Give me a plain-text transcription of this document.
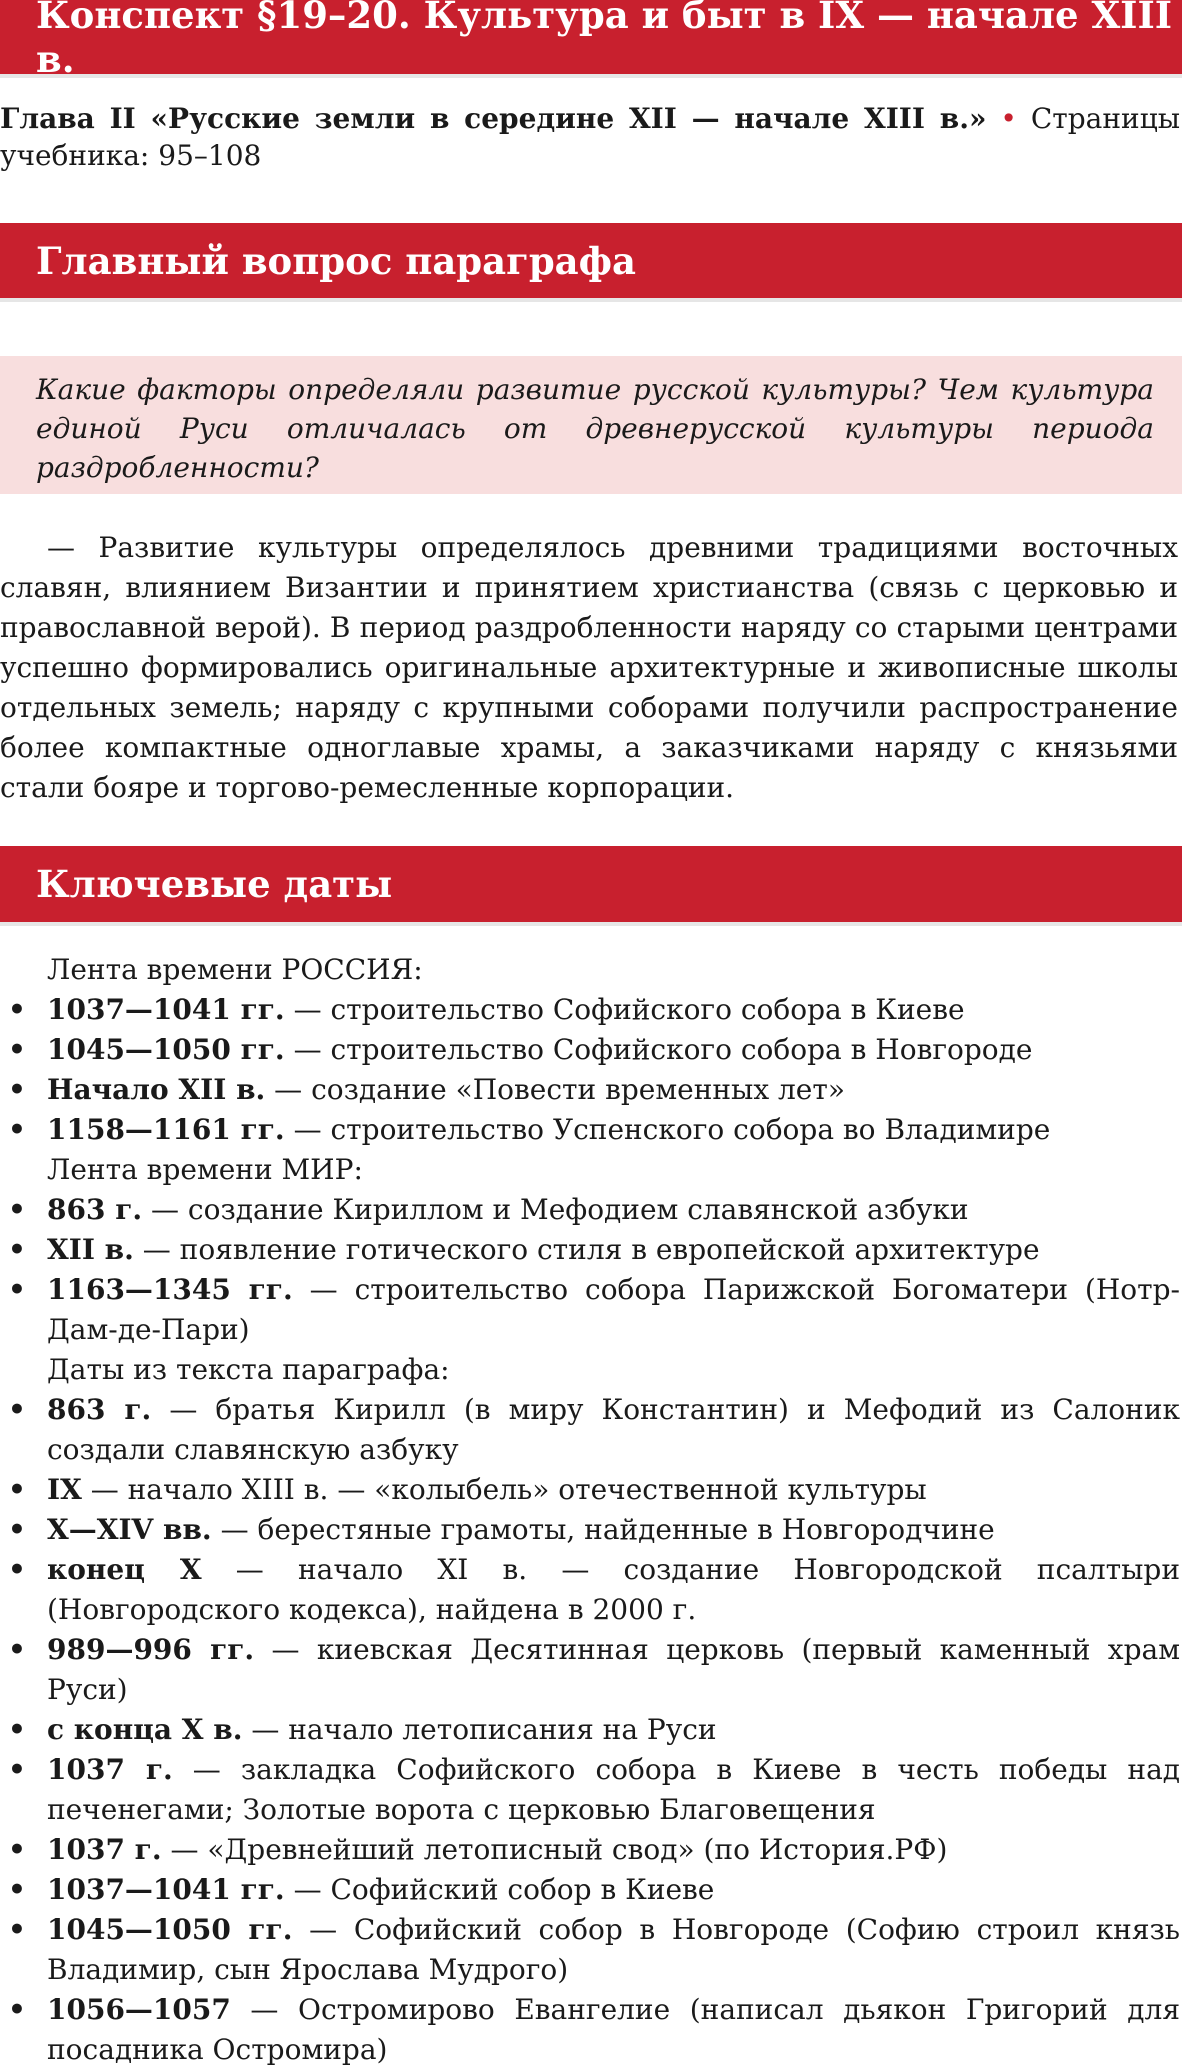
Конспект §19–20. Культура и быт в IX — начале XIII в.
Глава II «Русские земли в середине XII — начале XIII в.» • Страницы учебника: 95–108
Главный вопрос параграфа
Какие факторы определяли развитие русской культуры? Чем культура единой Руси отличалась от древнерусской культуры периода раздробленности?
— Развитие культуры определялось древними традициями восточных славян, влиянием Византии и принятием христианства (связь с церковью и православной верой). В период раздробленности наряду со старыми центрами успешно формировались оригинальные архитектурные и живописные школы отдельных земель; наряду с крупными соборами получили распространение более компактные одноглавые храмы, а заказчиками наряду с князьями стали бояре и торгово-ремесленные корпорации.
Ключевые даты
Лента времени РОССИЯ:
• 1037—1041 гг. — строительство Софийского собора в Киеве
• 1045—1050 гг. — строительство Софийского собора в Новгороде
• Начало XII в. — создание «Повести временных лет»
• 1158—1161 гг. — строительство Успенского собора во Владимире
Лента времени МИР:
• 863 г. — создание Кириллом и Мефодием славянской азбуки
• XII в. — появление готического стиля в европейской архитектуре
• 1163—1345 гг. — строительство собора Парижской Богоматери (Нотр-Дам-де-Пари)
Даты из текста параграфа:
• 863 г. — братья Кирилл (в миру Константин) и Мефодий из Салоник создали славянскую азбуку
• IX — начало XIII в. — «колыбель» отечественной культуры
• X—XIV вв. — берестяные грамоты, найденные в Новгородчине
• конец X — начало XI в. — создание Новгородской псалтыри (Новгородского кодекса), найдена в 2000 г.
• 989—996 гг. — киевская Десятинная церковь (первый каменный храм Руси)
• с конца X в. — начало летописания на Руси
• 1037 г. — закладка Софийского собора в Киеве в честь победы над печенегами; Золотые ворота с церковью Благовещения
• 1037 г. — «Древнейший летописный свод» (по История.РФ)
• 1037—1041 гг. — Софийский собор в Киеве
• 1045—1050 гг. — Софийский собор в Новгороде (Софию строил князь Владимир, сын Ярослава Мудрого)
• 1056—1057 — Остромирово Евангелие (написал дьякон Григорий для посадника Остромира)
